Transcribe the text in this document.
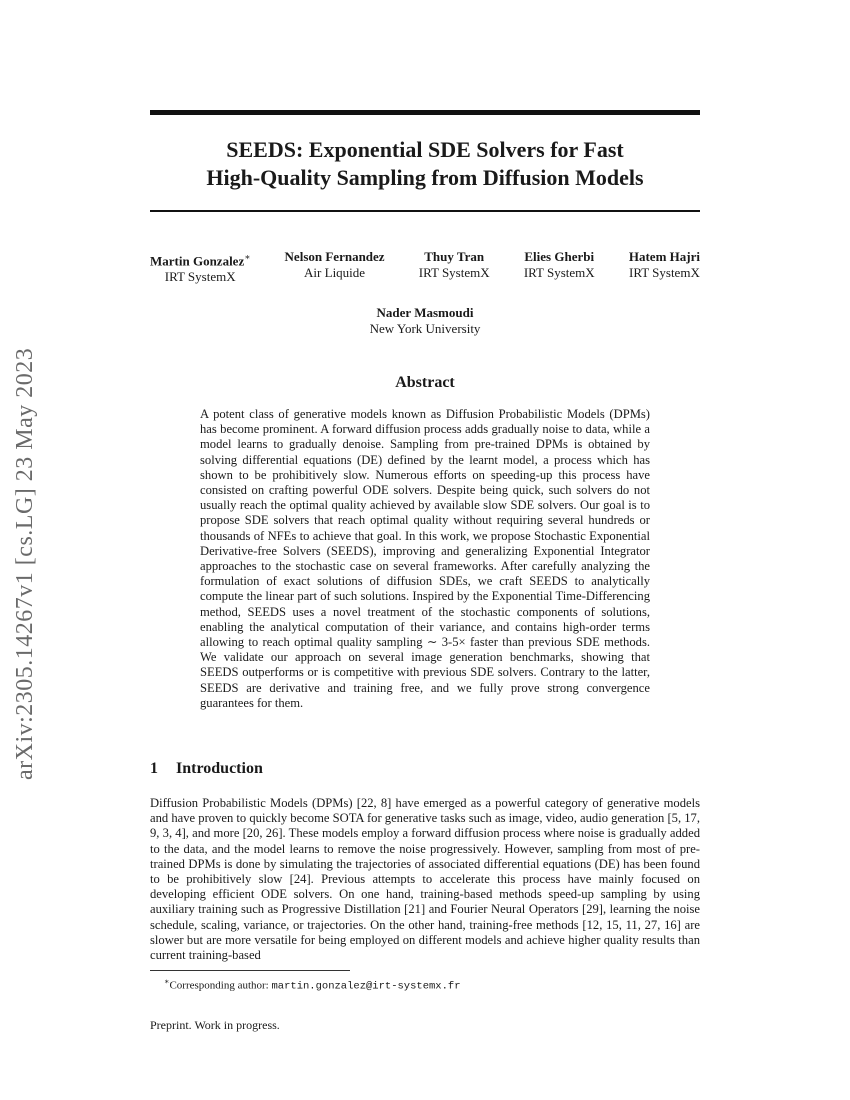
arXiv:2305.14267v1 [cs.LG] 23 May 2023
SEEDS: Exponential SDE Solvers for Fast
High-Quality Sampling from Diffusion Models
Martin Gonzalez∗
IRT SystemX
Nelson Fernandez
Air Liquide
Thuy Tran
IRT SystemX
Elies Gherbi
IRT SystemX
Hatem Hajri
IRT SystemX
Nader Masmoudi
New York University
Abstract
A potent class of generative models known as Diffusion Probabilistic Models (DPMs) has become prominent. A forward diffusion process adds gradually noise to data, while a model learns to gradually denoise. Sampling from pre-trained DPMs is obtained by solving differential equations (DE) defined by the learnt model, a process which has shown to be prohibitively slow. Numerous efforts on speeding-up this process have consisted on crafting powerful ODE solvers. Despite being quick, such solvers do not usually reach the optimal quality achieved by available slow SDE solvers. Our goal is to propose SDE solvers that reach optimal quality without requiring several hundreds or thousands of NFEs to achieve that goal. In this work, we propose Stochastic Exponential Derivative-free Solvers (SEEDS), improving and generalizing Exponential Integrator approaches to the stochastic case on several frameworks. After carefully analyzing the formulation of exact solutions of diffusion SDEs, we craft SEEDS to analytically compute the linear part of such solutions. Inspired by the Exponential Time-Differencing method, SEEDS uses a novel treatment of the stochastic components of solutions, enabling the analytical computation of their variance, and contains high-order terms allowing to reach optimal quality sampling ∼ 3-5× faster than previous SDE methods. We validate our approach on several image generation benchmarks, showing that SEEDS outperforms or is competitive with previous SDE solvers. Contrary to the latter, SEEDS are derivative and training free, and we fully prove strong convergence guarantees for them.
1 Introduction
Diffusion Probabilistic Models (DPMs) [22, 8] have emerged as a powerful category of generative models and have proven to quickly become SOTA for generative tasks such as image, video, audio generation [5, 17, 9, 3, 4], and more [20, 26]. These models employ a forward diffusion process where noise is gradually added to the data, and the model learns to remove the noise progressively. However, sampling from most of pre-trained DPMs is done by simulating the trajectories of associated differential equations (DE) has been found to be prohibitively slow [24]. Previous attempts to accelerate this process have mainly focused on developing efficient ODE solvers. On one hand, training-based methods speed-up sampling by using auxiliary training such as Progressive Distillation [21] and Fourier Neural Operators [29], learning the noise schedule, scaling, variance, or trajectories. On the other hand, training-free methods [12, 15, 11, 27, 16] are slower but are more versatile for being employed on different models and achieve higher quality results than current training-based
∗Corresponding author: martin.gonzalez@irt-systemx.fr
Preprint. Work in progress.
